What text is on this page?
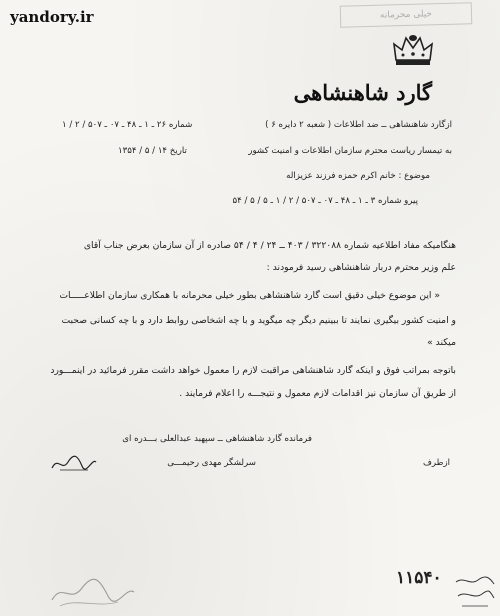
yandory.ir	خیلی محرمانه
گارد شاهنشاهی
ازگارد شاهنشاهی ــ ضد اطلاعات ( شعبه ۲ دایره ۶ )
شماره ۲۶ ـ ۱ ـ ۴۸ ـ ۰۷ ـ ۵۰۷ / ۲ / ۱
به تیمسار ریاست محترم سازمان اطلاعات و امنیت کشور
تاریخ ۱۴ / ۵ / ۱۳۵۴
موضوع : خانم اکرم حمزه فرزند عزیزاله
پیرو شماره ۳ ـ ۱ ـ ۴۸ ـ ۰۷ ـ ۵۰۷ / ۲ / ۱ ـ ۵ / ۵ / ۵۴
هنگامیکه مفاد اطلاعیه شماره ۳۲۲۰۸۸ / ۴۰۳ ــ ۲۴ / ۴ / ۵۴ صادره از آن سازمان بعرض جناب آقای
علم وزیر محترم دربار شاهنشاهی رسید فرمودند :
« این موضوع خیلی دقیق است گارد شاهنشاهی بطور خیلی محرمانه با همکاری سازمان اطلاعـــــات
و امنیت کشور بیگیری نمایند تا ببینیم دیگر چه میگوید و با چه اشخاصی روابط دارد و با چه کسانی صحبت
میکند »
باتوجه بمراتب فوق و اینکه گارد شاهنشاهی مراقبت لازم را معمول خواهد داشت مقرر فرمائید در اینمـــورد
از طریق آن سازمان نیز اقدامات لازم معمول و نتیجـــه را اعلام فرمایند .
فرمانده گارد شاهنشاهی ــ سپهبد عبدالعلی بـــدره ای
سرلشگر مهدی رحیمـــی	ازطرف
۱۱۵۴۰
